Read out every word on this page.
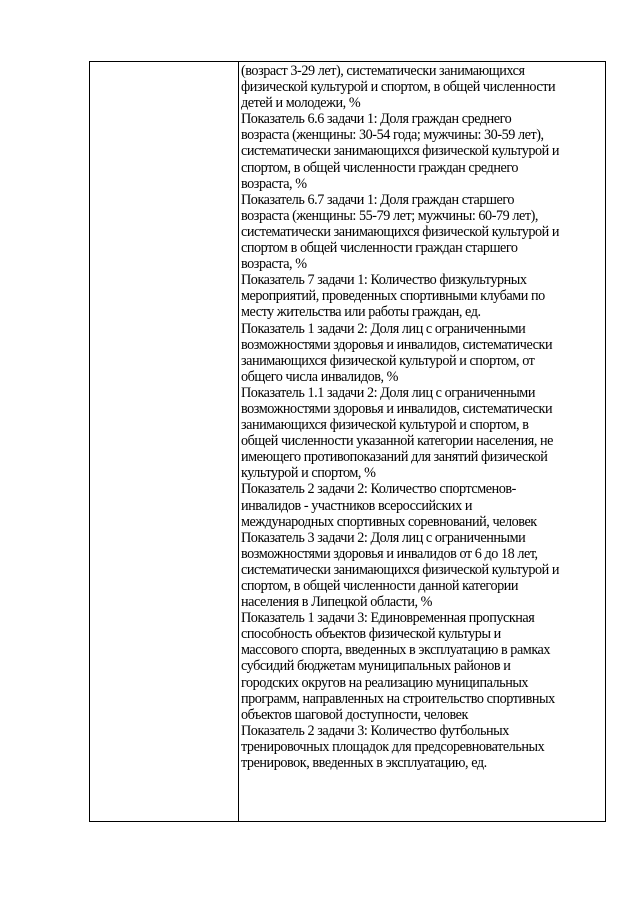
(возраст 3-29 лет), систематически занимающихся
физической культурой и спортом, в общей численности
детей и молодежи, %
Показатель 6.6 задачи 1: Доля граждан среднего
возраста (женщины: 30-54 года; мужчины: 30-59 лет),
систематически занимающихся физической культурой и
спортом, в общей численности граждан среднего
возраста, %
Показатель 6.7 задачи 1: Доля граждан старшего
возраста (женщины: 55-79 лет; мужчины: 60-79 лет),
систематически занимающихся физической культурой и
спортом в общей численности граждан старшего
возраста, %
Показатель 7 задачи 1: Количество физкультурных
мероприятий, проведенных спортивными клубами по
месту жительства или работы граждан, ед.
Показатель 1 задачи 2: Доля лиц с ограниченными
возможностями здоровья и инвалидов, систематически
занимающихся физической культурой и спортом, от
общего числа инвалидов, %
Показатель 1.1 задачи 2: Доля лиц с ограниченными
возможностями здоровья и инвалидов, систематически
занимающихся физической культурой и спортом, в
общей численности указанной категории населения, не
имеющего противопоказаний для занятий физической
культурой и спортом, %
Показатель 2 задачи 2: Количество спортсменов-
инвалидов - участников всероссийских и
международных спортивных соревнований, человек
Показатель 3 задачи 2: Доля лиц с ограниченными
возможностями здоровья и инвалидов от 6 до 18 лет,
систематически занимающихся физической культурой и
спортом, в общей численности данной категории
населения в Липецкой области, %
Показатель 1 задачи 3: Единовременная пропускная
способность объектов физической культуры и
массового спорта, введенных в эксплуатацию в рамках
субсидий бюджетам муниципальных районов и
городских округов на реализацию муниципальных
программ, направленных на строительство спортивных
объектов шаговой доступности, человек
Показатель 2 задачи 3: Количество футбольных
тренировочных площадок для предсоревновательных
тренировок, введенных в эксплуатацию, ед.
